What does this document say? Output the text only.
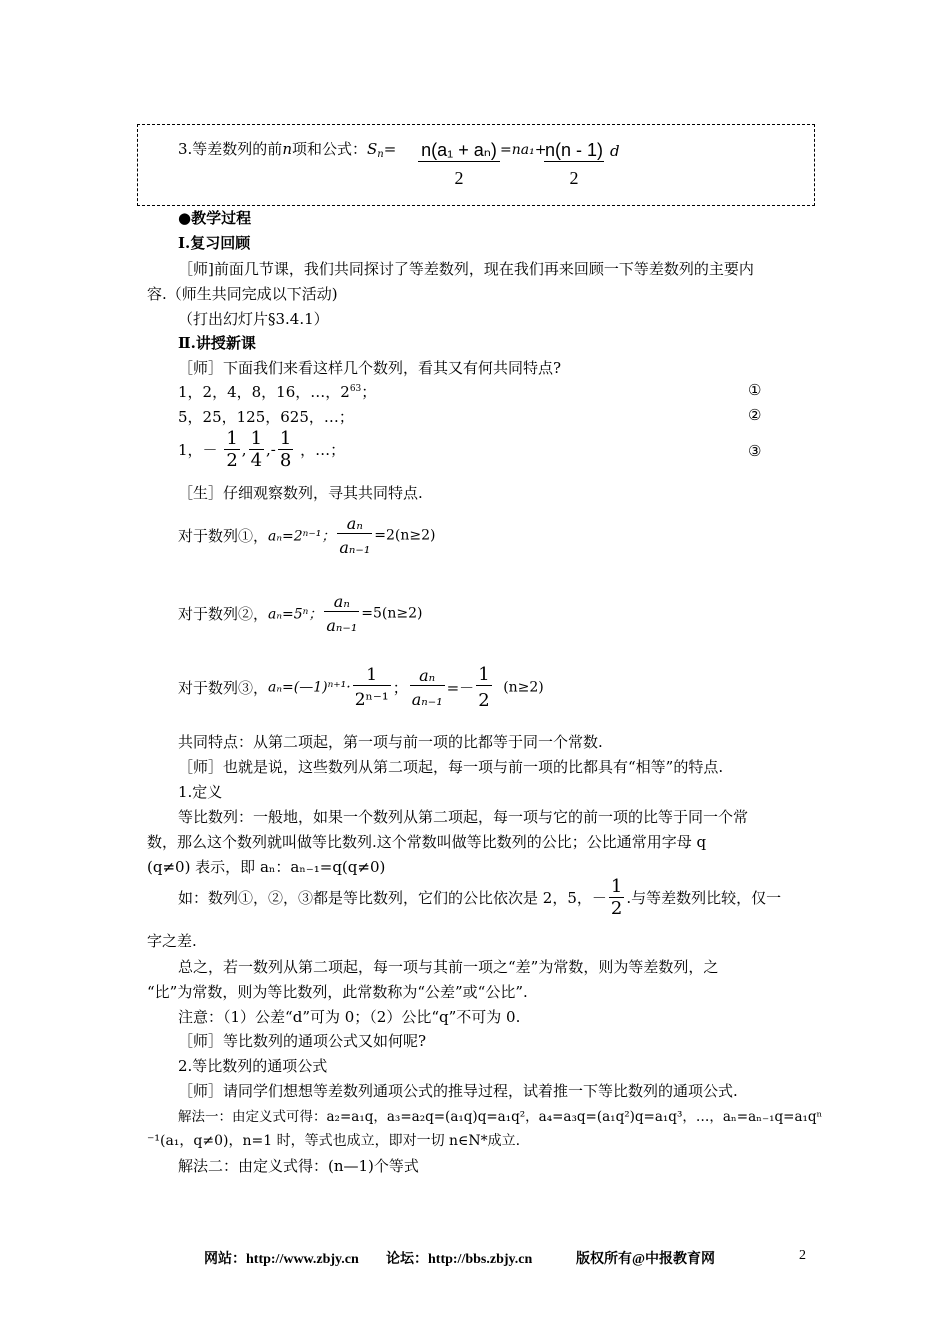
3.等差数列的前n项和公式：$S_n= \frac{\text{n(a₁ + aₙ)}}{2} =na_1+$
$\frac{n(n - 1)}{2}$ d
●教学过程
Ⅰ.复习回顾
［师]前面几节课，我们共同探讨了等差数列，现在我们再来回顾一下等差数列的主要内
容.（师生共同完成以下活动)
（打出幻灯片§3.4.1）
Ⅱ.讲授新课
［师］下面我们来看这样几个数列，看其又有何共同特点?
1，2，4，8，16，…，$2^{63}$；	①
5，25，125，625，…；	②
1，－ $\frac{1}{2}$ , $\frac{1}{4}$ ,- $\frac{1}{8}$ ，…；	③
［生］仔细观察数列，寻其共同特点.
对于数列①，aₙ=2ⁿ⁻¹； $\frac{\text{aₙ}}{\text{aₙ₋₁}} =2(n\ge 2)$
对于数列②，aₙ=5ⁿ； $\frac{\text{aₙ}}{\text{aₙ₋₁}} =5(n\ge 2)$
对于数列③，aₙ=(—1)ⁿ⁺¹· $\frac{1}{\text{2ⁿ⁻¹}}$ ； $\frac{\text{aₙ}}{\text{aₙ₋₁}} =- \frac{1}{2} (n\ge 2)$
共同特点：从第二项起，第一项与前一项的比都等于同一个常数.
［师］也就是说，这些数列从第二项起，每一项与前一项的比都具有“相等”的特点.
1.定义
等比数列：一般地，如果一个数列从第二项起，每一项与它的前一项的比等于同一个常
数，那么这个数列就叫做等比数列.这个常数叫做等比数列的公比；公比通常用字母 q
(q≠0) 表示，即 aₙ：aₙ₋₁=q(q≠0)
如：数列①，②，③都是等比数列，它们的公比依次是 2，5，－ $\frac{1}{2}$ .与等差数列比较，仅一
字之差.
总之，若一数列从第二项起，每一项与其前一项之“差”为常数，则为等差数列，之
“比”为常数，则为等比数列，此常数称为“公差”或“公比”.
注意：（1）公差“d”可为 0；（2）公比“q”不可为 0.
［师］等比数列的通项公式又如何呢?
2.等比数列的通项公式
［师］请同学们想想等差数列通项公式的推导过程，试着推一下等比数列的通项公式.
解法一：由定义式可得：a₂=a₁q，a₃=a₂q=(a₁q)q=a₁q²，a₄=a₃q=(a₁q²)q=a₁q³，…，aₙ=aₙ₋₁q=a₁qⁿ
⁻¹(a₁，q≠0)，n=1 时，等式也成立，即对一切 n∈N*成立.
解法二：由定义式得：(n—1)个等式
网站：http://www.zbjy.cn 论坛：http://bbs.zbjy.cn	版权所有@中报教育网	2
